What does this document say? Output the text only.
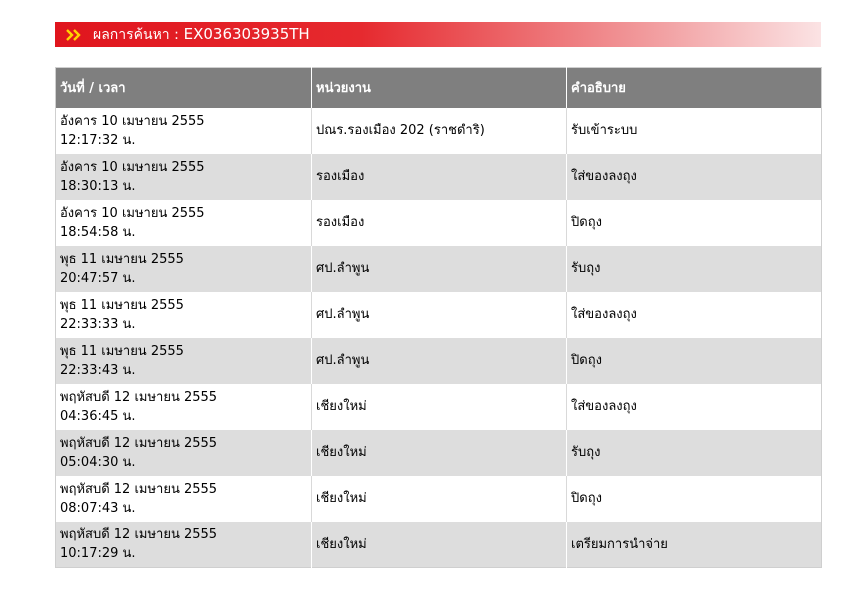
ผลการค้นหา : EX036303935TH
วันที่ / เวลา	หน่วยงาน	คำอธิบาย

อังคาร 10 เมษายน 2555
12:17:32 น.	ปณร.รองเมือง 202 (ราชดำริ)	รับเข้าระบบ

อังคาร 10 เมษายน 2555
18:30:13 น.	รองเมือง	ใส่ของลงถุง

อังคาร 10 เมษายน 2555
18:54:58 น.	รองเมือง	ปิดถุง

พุธ 11 เมษายน 2555
20:47:57 น.	ศป.ลำพูน	รับถุง

พุธ 11 เมษายน 2555
22:33:33 น.	ศป.ลำพูน	ใส่ของลงถุง

พุธ 11 เมษายน 2555
22:33:43 น.	ศป.ลำพูน	ปิดถุง

พฤหัสบดี 12 เมษายน 2555
04:36:45 น.	เชียงใหม่	ใส่ของลงถุง

พฤหัสบดี 12 เมษายน 2555
05:04:30 น.	เชียงใหม่	รับถุง

พฤหัสบดี 12 เมษายน 2555
08:07:43 น.	เชียงใหม่	ปิดถุง

พฤหัสบดี 12 เมษายน 2555
10:17:29 น.	เชียงใหม่	เตรียมการนำจ่าย
